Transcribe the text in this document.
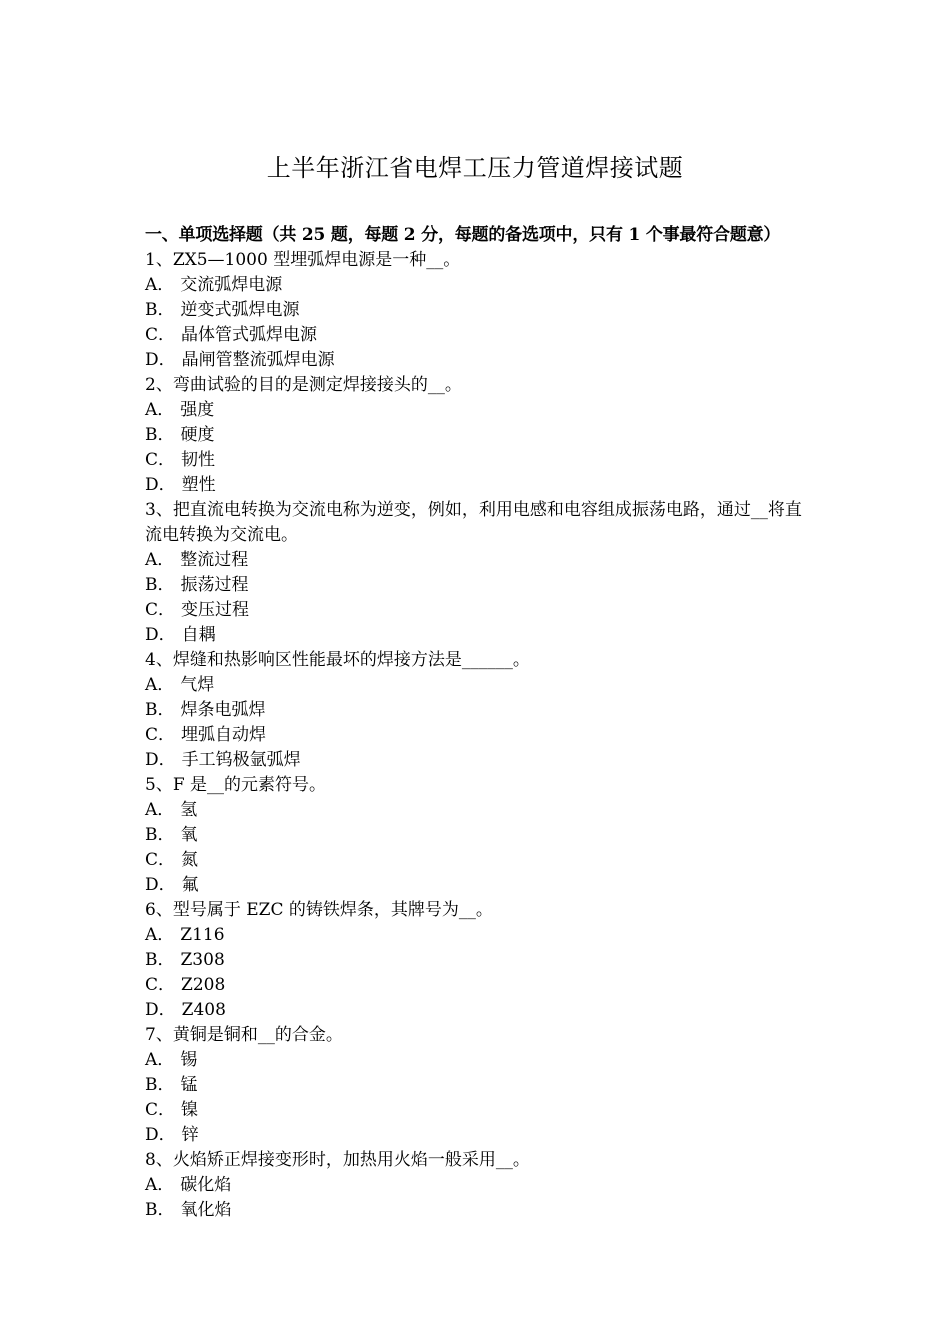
上半年浙江省电焊工压力管道焊接试题
一、单项选择题（共 25 题，每题 2 分，每题的备选项中，只有 1 个事最符合题意）
1、ZX5—1000 型埋弧焊电源是一种__。
A． 交流弧焊电源
B． 逆变式弧焊电源
C． 晶体管式弧焊电源
D． 晶闸管整流弧焊电源
2、弯曲试验的目的是测定焊接接头的__。
A． 强度
B． 硬度
C． 韧性
D． 塑性
3、把直流电转换为交流电称为逆变，例如，利用电感和电容组成振荡电路，通过__将直流电转换为交流电。
A． 整流过程
B． 振荡过程
C． 变压过程
D． 自耦
4、焊缝和热影响区性能最坏的焊接方法是______。
A． 气焊
B． 焊条电弧焊
C． 埋弧自动焊
D． 手工钨极氩弧焊
5、F 是__的元素符号。
A． 氢
B． 氧
C． 氮
D． 氟
6、型号属于 EZC 的铸铁焊条，其牌号为__。
A． Z116
B． Z308
C． Z208
D． Z408
7、黄铜是铜和__的合金。
A． 锡
B． 锰
C． 镍
D． 锌
8、火焰矫正焊接变形时，加热用火焰一般采用__。
A． 碳化焰
B． 氧化焰
